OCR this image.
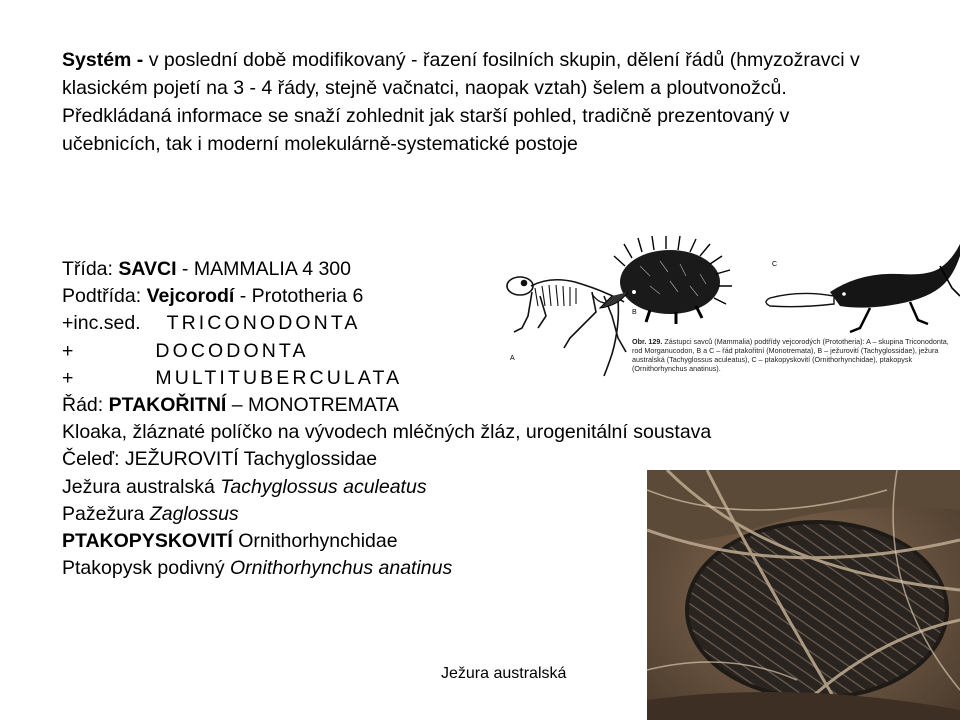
Systém - v poslední době modifikovaný - řazení fosilních skupin, dělení řádů (hmyzožravci v klasickém pojetí na 3 - 4 řády, stejně vačnatci, naopak vztah) šelem a ploutvonožců. Předkládaná informace se snaží zohlednit jak starší pohled, tradičně prezentovaný v učebnicích, tak i moderní molekulárně-systematické postoje

Třída: SAVCI - MAMMALIA 4 300
Podtřída: Vejcorodí - Prototheria 6
+inc.sed. TRICONODONTA
+	DOCODONTA
+	MULTITUBERCULATA
Řád: PTAKOŘITNÍ – MONOTREMATA
Kloaka, žláznaté políčko na vývodech mléčných žláz, urogenitální soustava
Čeleď: JEŽUROVITÍ Tachyglossidae
Ježura australská Tachyglossus aculeatus
Pažežura Zaglossus
PTAKOPYSKOVITÍ Ornithorhynchidae
Ptakopysk podivný Ornithorhynchus anatinus
A
B
C
Obr. 129. Zástupci savců (Mammalia) podtřídy vejcorodých (Prototheria): A – skupina Triconodonta, rod Morganucodon, B a C – řád ptakořitní (Monotremata), B – ježurovití (Tachyglossidae), ježura australská (Tachyglossus aculeatus), C – ptakopyskovití (Ornithorhynchidae), ptakopysk (Ornithorhynchus anatinus).
Ježura australská
